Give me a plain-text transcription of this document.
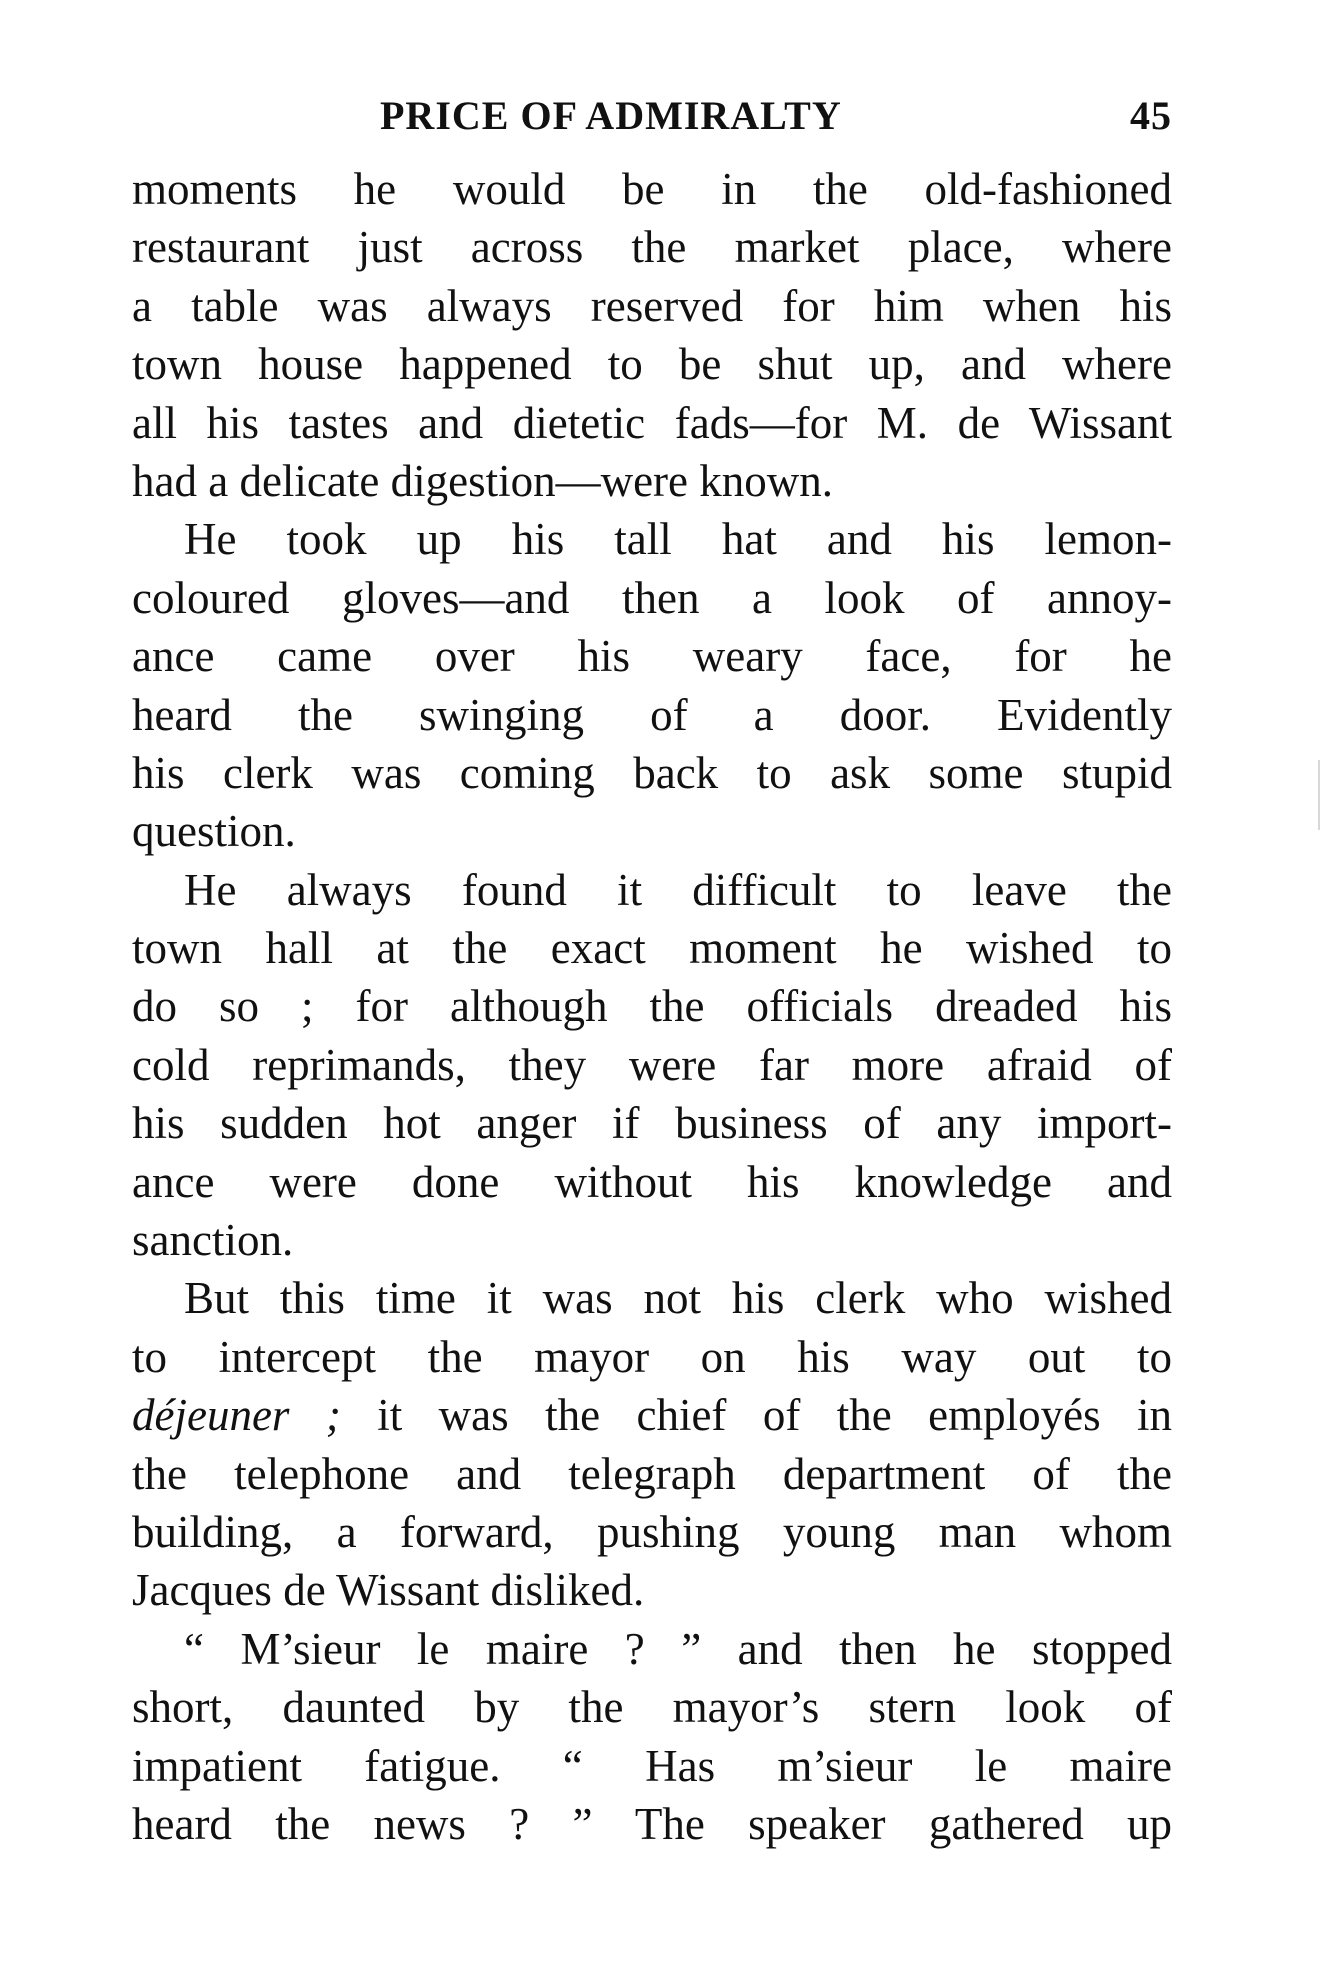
PRICE OF ADMIRALTY	45
moments he would be in the old-fashioned
restaurant just across the market place, where
a table was always reserved for him when his
town house happened to be shut up, and where
all his tastes and dietetic fads—for M. de Wissant
had a delicate digestion—were known.
He took up his tall hat and his lemon-
coloured gloves—and then a look of annoy-
ance came over his weary face, for he
heard the swinging of a door. Evidently
his clerk was coming back to ask some stupid
question.
He always found it difficult to leave the
town hall at the exact moment he wished to
do so ; for although the officials dreaded his
cold reprimands, they were far more afraid of
his sudden hot anger if business of any import-
ance were done without his knowledge and
sanction.
But this time it was not his clerk who wished
to intercept the mayor on his way out to
déjeuner ; it was the chief of the employés in
the telephone and telegraph department of the
building, a forward, pushing young man whom
Jacques de Wissant disliked.
“ M’sieur le maire ? ” and then he stopped
short, daunted by the mayor’s stern look of
impatient fatigue. “ Has m’sieur le maire
heard the news ? ” The speaker gathered up
